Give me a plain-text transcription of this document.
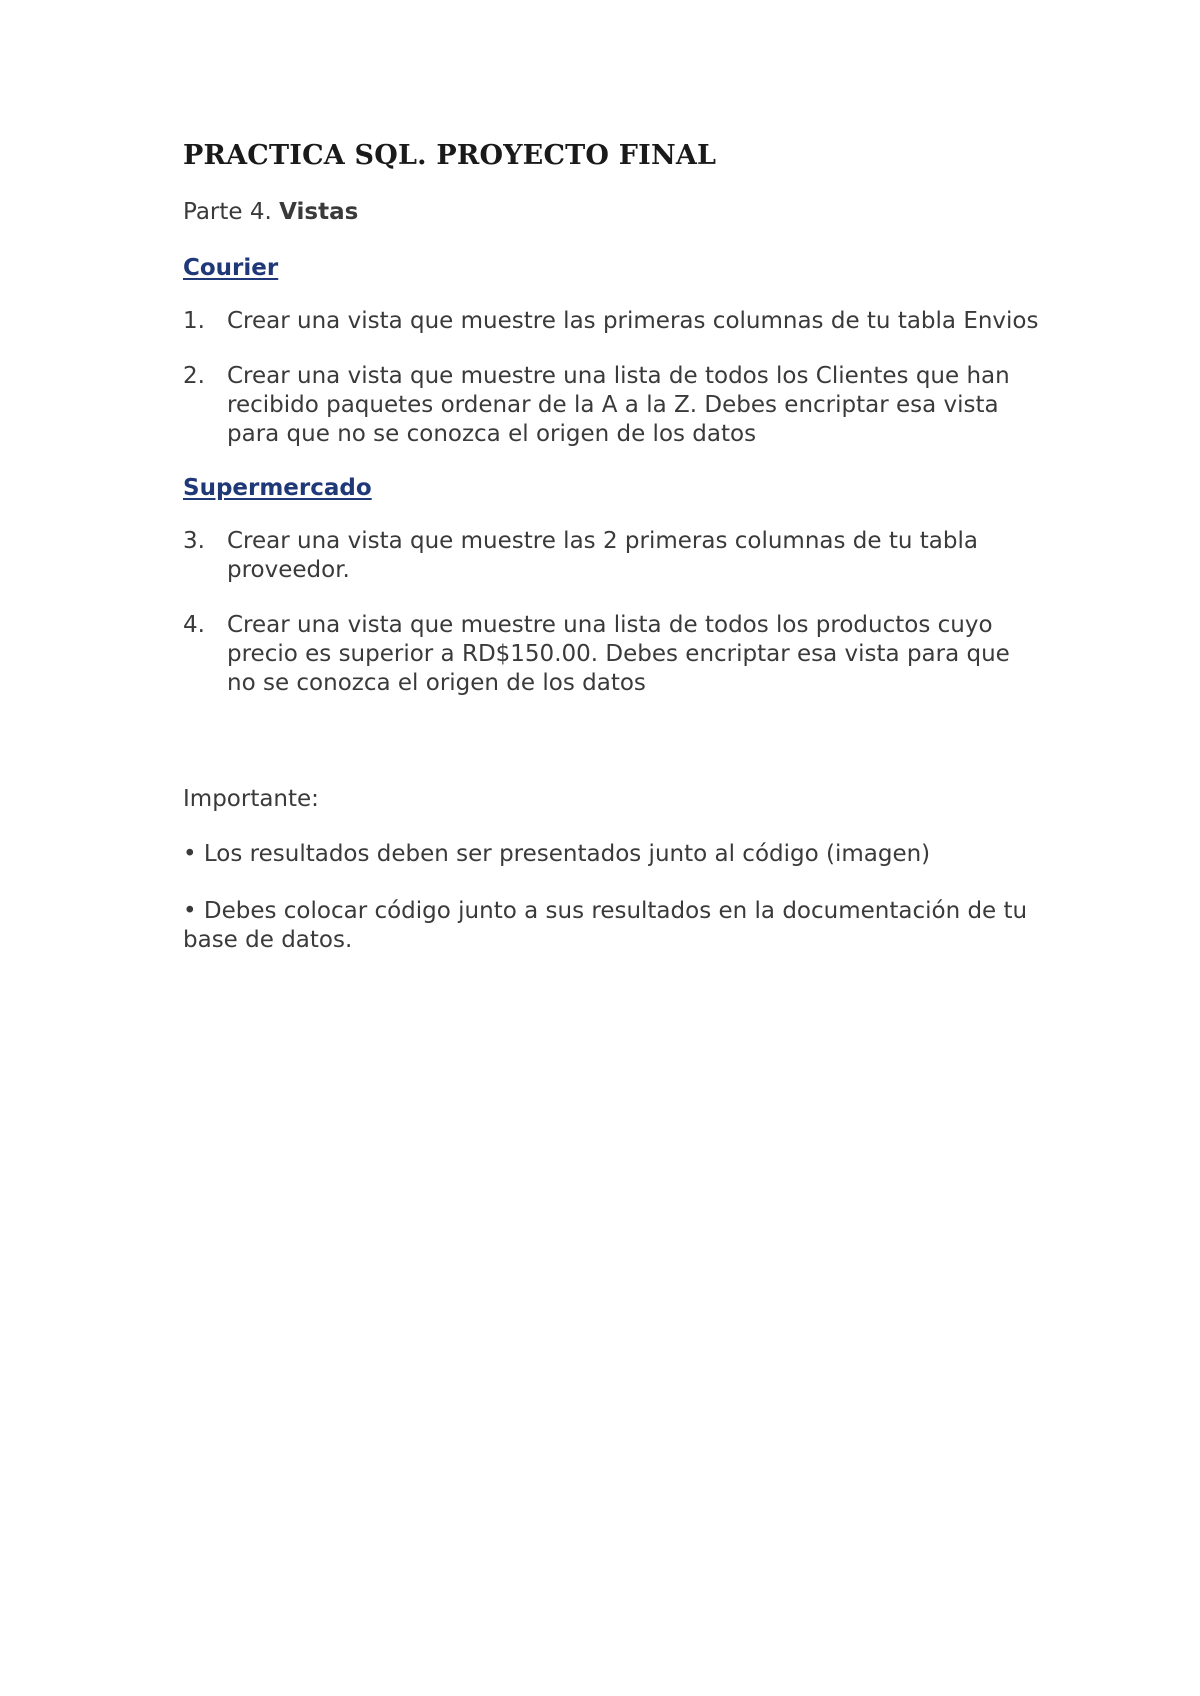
PRACTICA SQL. PROYECTO FINAL
Parte 4. Vistas
Courier
1. Crear una vista que muestre las primeras columnas de tu tabla Envios
2. Crear una vista que muestre una lista de todos los Clientes que han recibido paquetes ordenar de la A a la Z. Debes encriptar esa vista para que no se conozca el origen de los datos
Supermercado
3. Crear una vista que muestre las 2 primeras columnas de tu tabla proveedor.
4. Crear una vista que muestre una lista de todos los productos cuyo precio es superior a RD$150.00. Debes encriptar esa vista para que no se conozca el origen de los datos
Importante:
• Los resultados deben ser presentados junto al código (imagen)
• Debes colocar código junto a sus resultados en la documentación de tu base de datos.
